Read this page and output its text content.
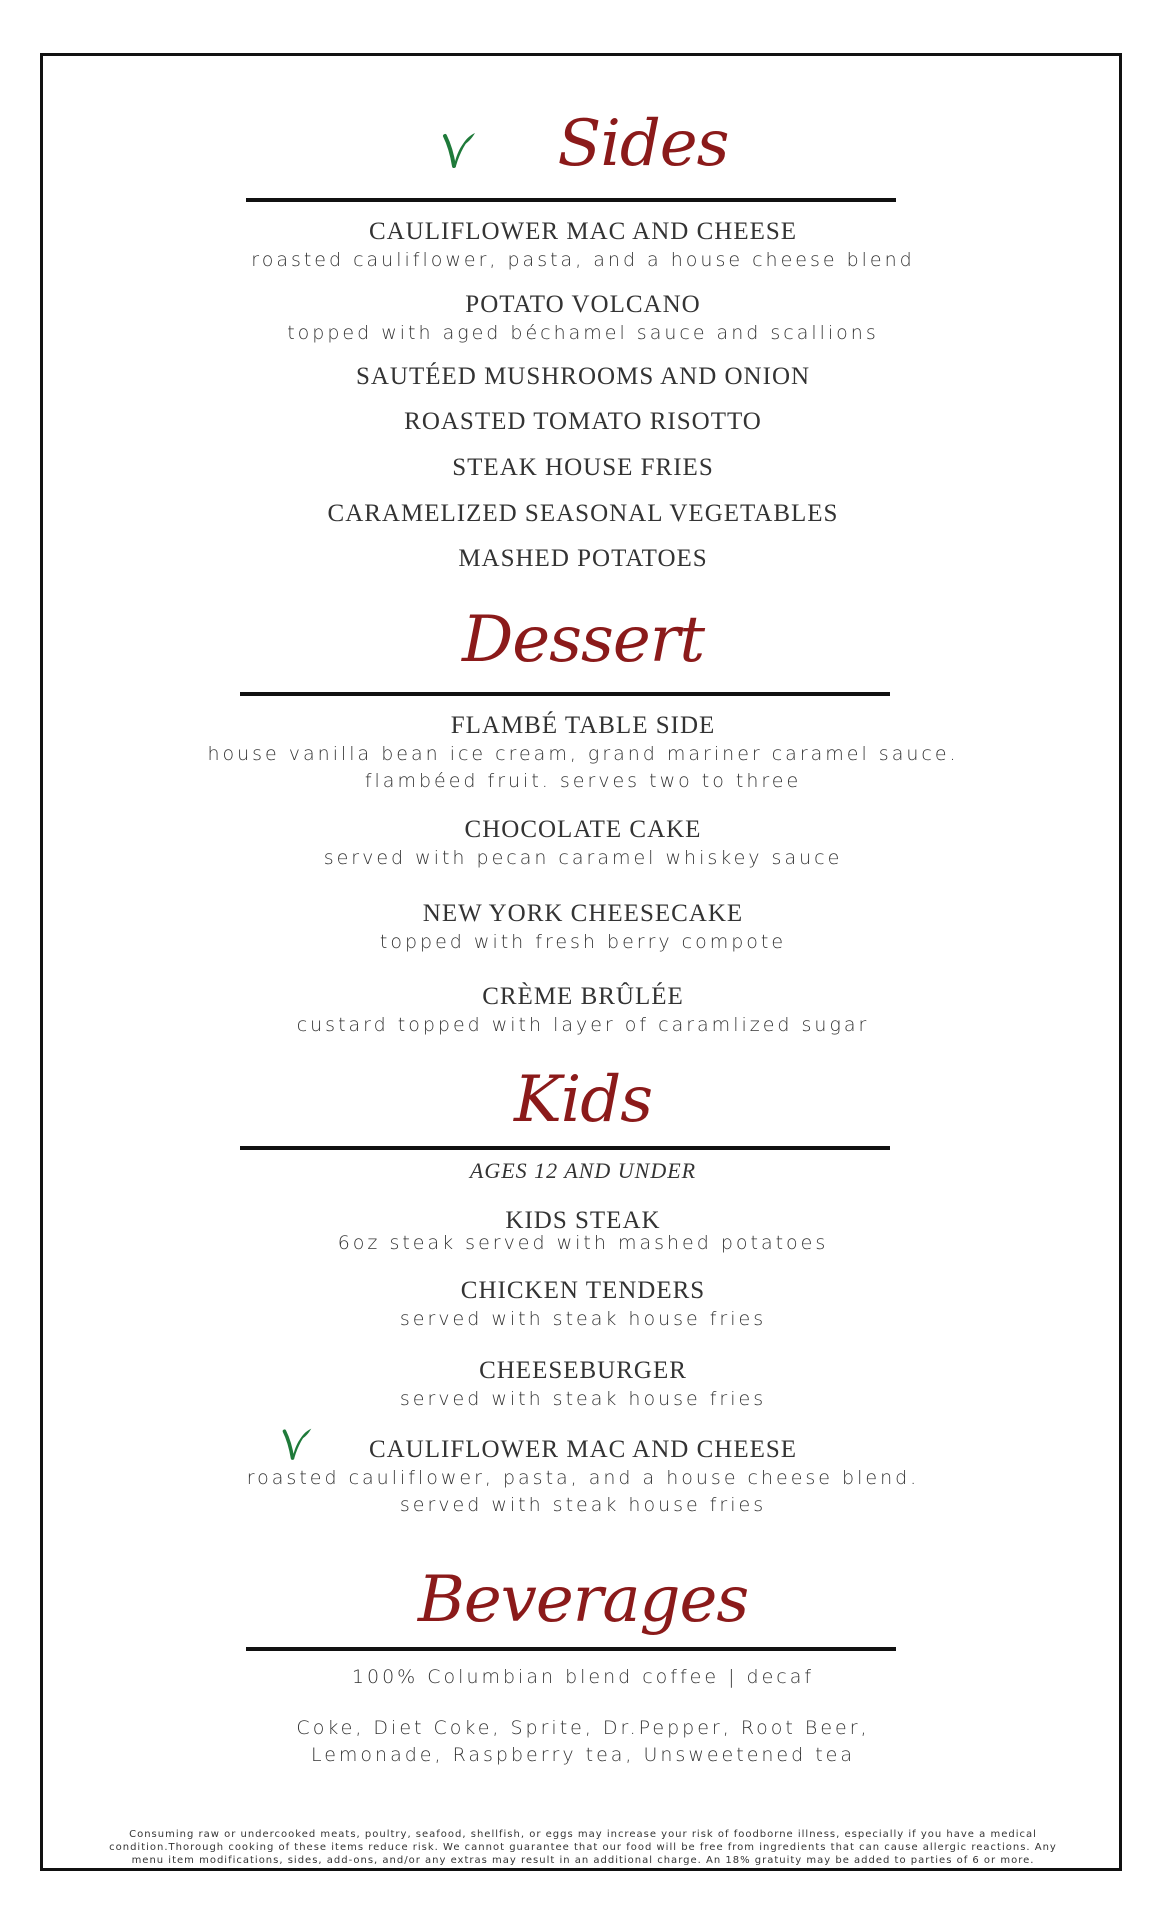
Sides
CAULIFLOWER MAC AND CHEESE
roasted cauliflower, pasta, and a house cheese blend
POTATO VOLCANO
topped with aged béchamel sauce and scallions
SAUTÉED MUSHROOMS AND ONION
ROASTED TOMATO RISOTTO
STEAK HOUSE FRIES
CARAMELIZED SEASONAL VEGETABLES
MASHED POTATOES
Dessert
FLAMBÉ TABLE SIDE
house vanilla bean ice cream, grand mariner caramel sauce.
flambéed fruit. serves two to three
CHOCOLATE CAKE
served with pecan caramel whiskey sauce
NEW YORK CHEESECAKE
topped with fresh berry compote
CRÈME BRÛLÉE
custard topped with layer of caramlized sugar
Kids
AGES 12 AND UNDER
KIDS STEAK
6oz steak served with mashed potatoes
CHICKEN TENDERS
served with steak house fries
CHEESEBURGER
served with steak house fries
CAULIFLOWER MAC AND CHEESE
roasted cauliflower, pasta, and a house cheese blend.
served with steak house fries
Beverages
100% Columbian blend coffee | decaf
Coke, Diet Coke, Sprite, Dr.Pepper, Root Beer,
Lemonade, Raspberry tea, Unsweetened tea
Consuming raw or undercooked meats, poultry, seafood, shellfish, or eggs may increase your risk of foodborne illness, especially if you have a medical
condition.Thorough cooking of these items reduce risk. We cannot guarantee that our food will be free from ingredients that can cause allergic reactions. Any
menu item modifications, sides, add-ons, and/or any extras may result in an additional charge. An 18% gratuity may be added to parties of 6 or more.
